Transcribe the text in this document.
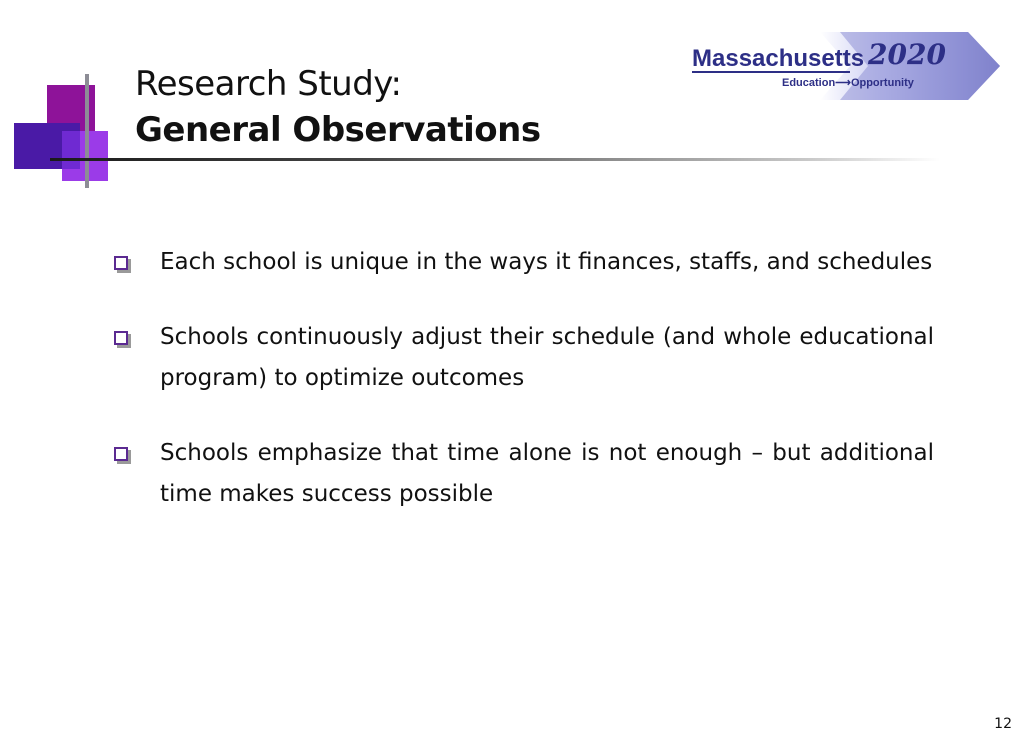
Research Study:
General Observations
Massachusetts 2020
Education⟶Opportunity
Each school is unique in the ways it finances, staffs, and schedules
Schools continuously adjust their schedule (and whole educational program) to optimize outcomes
Schools emphasize that time alone is not enough – but additional time makes success possible
12
